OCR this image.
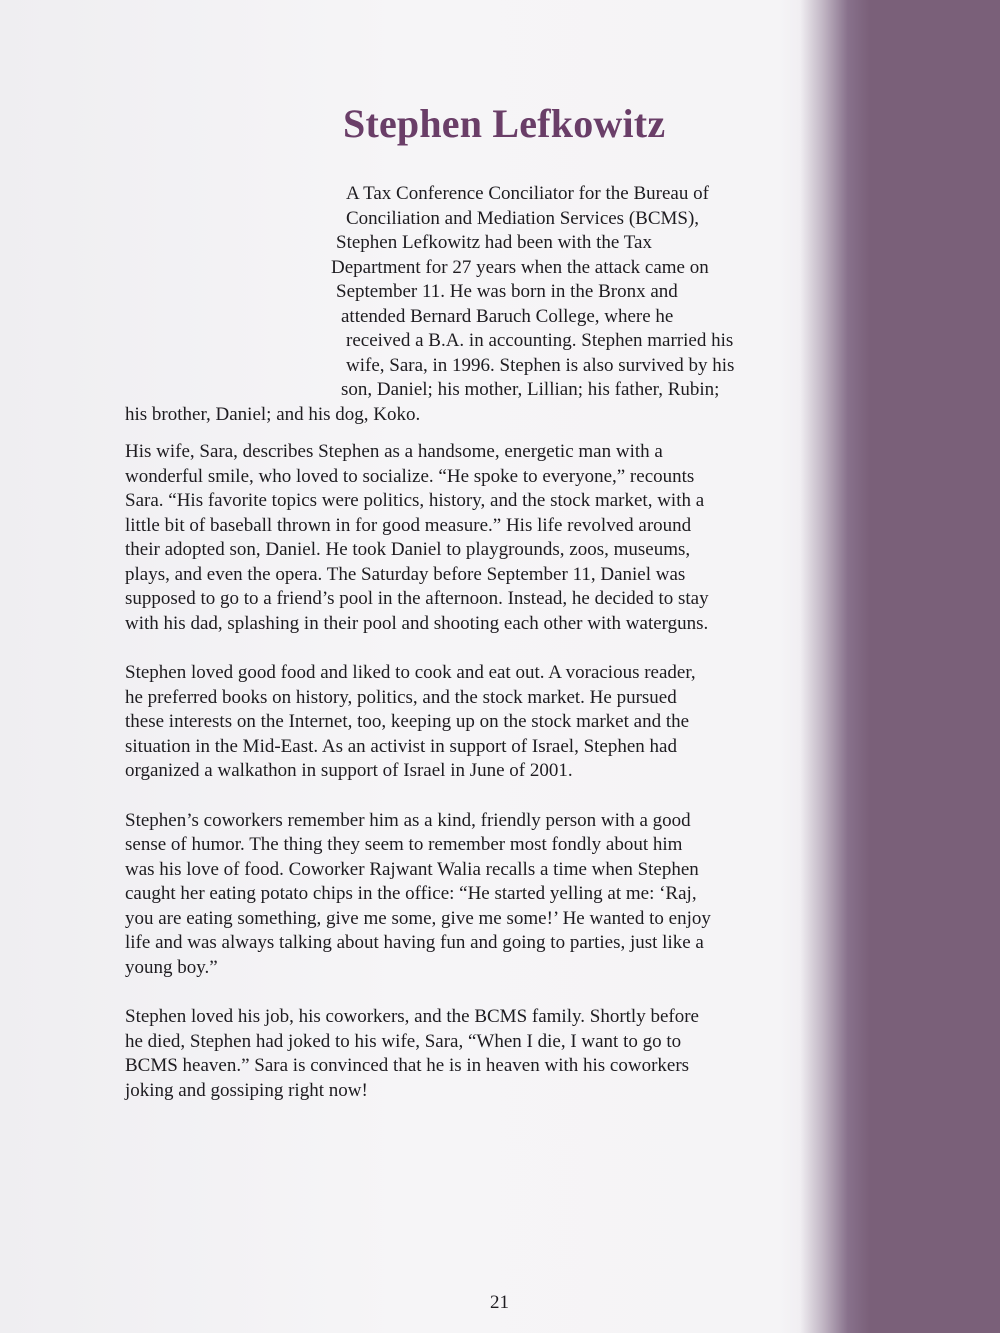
Stephen Lefkowitz

A Tax Conference Conciliator for the Bureau of

Conciliation and Mediation Services (BCMS),

Stephen Lefkowitz had been with the Tax

Department for 27 years when the attack came on

September 11. He was born in the Bronx and

attended Bernard Baruch College, where he

received a B.A. in accounting. Stephen married his

wife, Sara, in 1996. Stephen is also survived by his

son, Daniel; his mother, Lillian; his father, Rubin;

his brother, Daniel; and his dog, Koko.

His wife, Sara, describes Stephen as a handsome, energetic man with a
wonderful smile, who loved to socialize. “He spoke to everyone,” recounts
Sara. “His favorite topics were politics, history, and the stock market, with a
little bit of baseball thrown in for good measure.” His life revolved around
their adopted son, Daniel. He took Daniel to playgrounds, zoos, museums,
plays, and even the opera. The Saturday before September 11, Daniel was
supposed to go to a friend’s pool in the afternoon. Instead, he decided to stay
with his dad, splashing in their pool and shooting each other with waterguns.

Stephen loved good food and liked to cook and eat out. A voracious reader,
he preferred books on history, politics, and the stock market. He pursued
these interests on the Internet, too, keeping up on the stock market and the
situation in the Mid-East. As an activist in support of Israel, Stephen had
organized a walkathon in support of Israel in June of 2001.

Stephen’s coworkers remember him as a kind, friendly person with a good
sense of humor. The thing they seem to remember most fondly about him
was his love of food. Coworker Rajwant Walia recalls a time when Stephen
caught her eating potato chips in the office: “He started yelling at me: ‘Raj,
you are eating something, give me some, give me some!’ He wanted to enjoy
life and was always talking about having fun and going to parties, just like a
young boy.”

Stephen loved his job, his coworkers, and the BCMS family. Shortly before
he died, Stephen had joked to his wife, Sara, “When I die, I want to go to
BCMS heaven.” Sara is convinced that he is in heaven with his coworkers
joking and gossiping right now!

21
